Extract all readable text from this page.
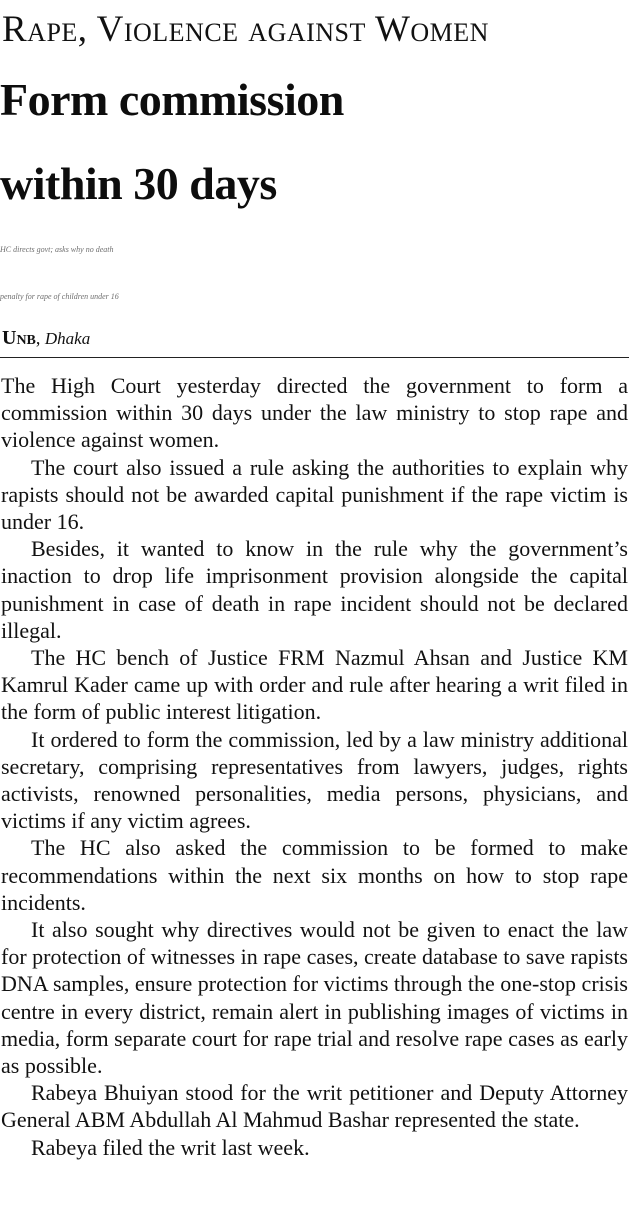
Rape, Violence against Women
Form commission
within 30 days
HC directs govt; asks why no death
penalty for rape of children under 16
Unb, Dhaka

The High Court yesterday directed the government to form a commission within 30 days under the law ministry to stop rape and violence against women.

The court also issued a rule asking the authorities to explain why rapists should not be awarded capital punishment if the rape victim is under 16.

Besides, it wanted to know in the rule why the government’s inaction to drop life imprisonment provision alongside the capital punishment in case of death in rape incident should not be declared illegal.

The HC bench of Justice FRM Nazmul Ahsan and Justice KM Kamrul Kader came up with order and rule after hearing a writ filed in the form of public interest litigation.

It ordered to form the commission, led by a law ministry additional secretary, comprising representatives from lawyers, judges, rights activists, renowned personalities, media persons, physicians, and victims if any victim agrees.

The HC also asked the commission to be formed to make recommendations within the next six months on how to stop rape incidents.

It also sought why directives would not be given to enact the law for protection of witnesses in rape cases, create database to save rapists DNA samples, ensure protection for victims through the one-stop crisis centre in every district, remain alert in publishing images of victims in media, form separate court for rape trial and resolve rape cases as early as possible.

Rabeya Bhuiyan stood for the writ petitioner and Deputy Attorney General ABM Abdullah Al Mahmud Bashar represented the state.

Rabeya filed the writ last week.
